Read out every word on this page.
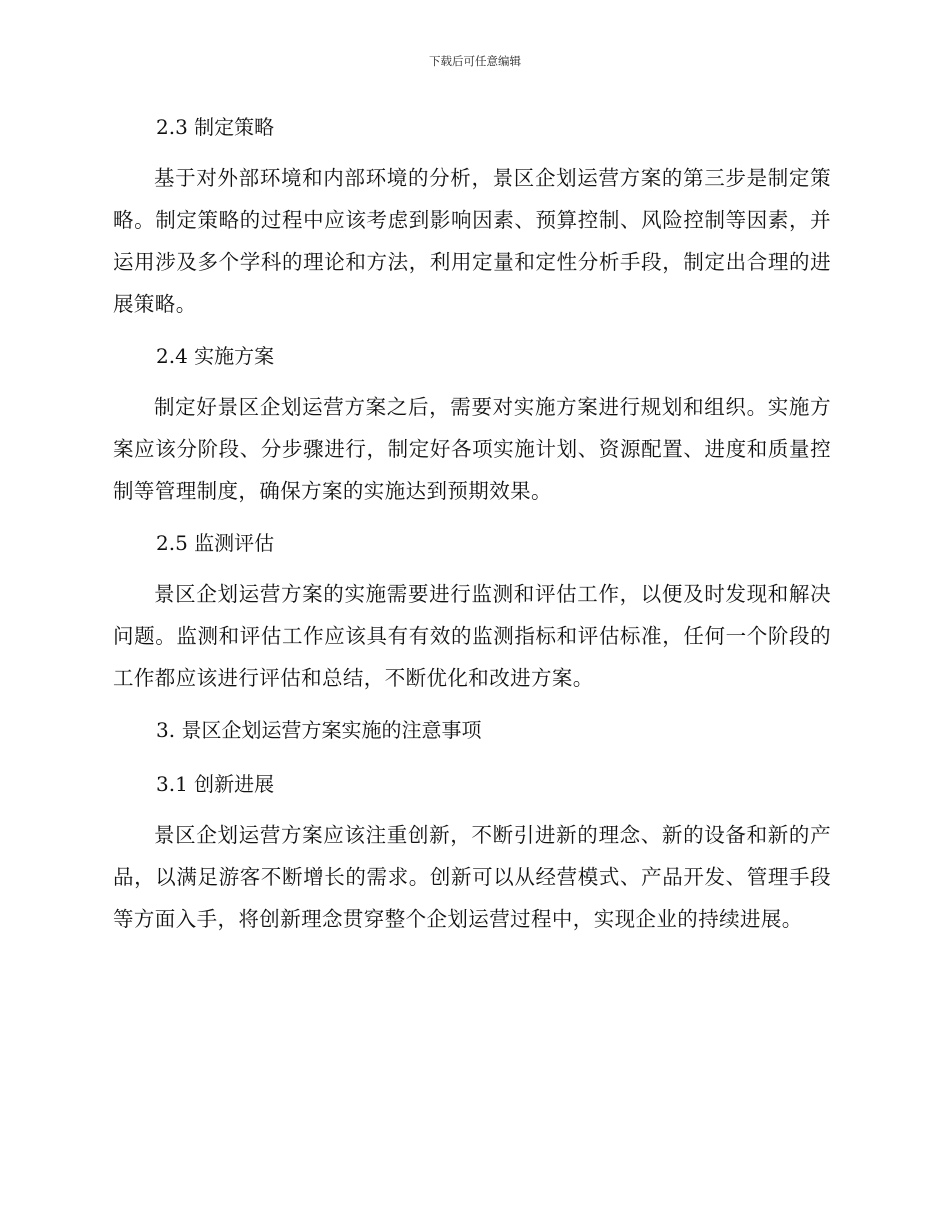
下载后可任意编辑
2.3 制定策略

基于对外部环境和内部环境的分析，景区企划运营方案的第三步是制定策略。制定策略的过程中应该考虑到影响因素、预算控制、风险控制等因素，并运用涉及多个学科的理论和方法，利用定量和定性分析手段，制定出合理的进展策略。

2.4 实施方案

制定好景区企划运营方案之后，需要对实施方案进行规划和组织。实施方案应该分阶段、分步骤进行，制定好各项实施计划、资源配置、进度和质量控制等管理制度，确保方案的实施达到预期效果。

2.5 监测评估

景区企划运营方案的实施需要进行监测和评估工作，以便及时发现和解决问题。监测和评估工作应该具有有效的监测指标和评估标准，任何一个阶段的工作都应该进行评估和总结，不断优化和改进方案。

3. 景区企划运营方案实施的注意事项
3.1 创新进展

景区企划运营方案应该注重创新，不断引进新的理念、新的设备和新的产品，以满足游客不断增长的需求。创新可以从经营模式、产品开发、管理手段等方面入手，将创新理念贯穿整个企划运营过程中，实现企业的持续进展。
